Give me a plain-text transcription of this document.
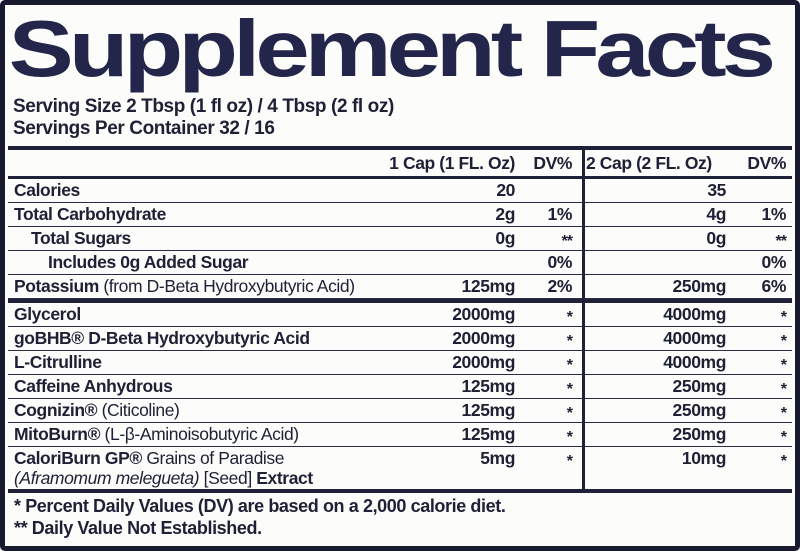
Supplement Facts
Serving Size 2 Tbsp (1 fl oz) / 4 Tbsp (2 fl oz)
Servings Per Container 32 / 16
1 Cap (1 FL. Oz) DV% 2 Cap (2 FL. Oz) DV%
Calories	20	35
Total Carbohydrate	2g 1%	4g 1%
Total Sugars	0g	**	0g	**
Includes 0g Added Sugar	0%	0%
Potassium (from D-Beta Hydroxybutyric Acid)	125mg 2%	250mg 6%
Glycerol	2000mg	*	4000mg	*
goBHB® D-Beta Hydroxybutyric Acid	2000mg	*	4000mg	*
L-Citrulline	2000mg	*	4000mg	*
Caffeine Anhydrous	125mg	*	250mg	*
Cognizin® (Citicoline)	125mg	*	250mg	*
MitoBurn® (L-β-Aminoisobutyric Acid)	125mg	*	250mg	*
CaloriBurn GP® Grains of Paradise
(Aframomum melegueta) [Seed] Extract
5mg	*	10mg	*
* Percent Daily Values (DV) are based on a 2,000 calorie diet.
** Daily Value Not Established.
